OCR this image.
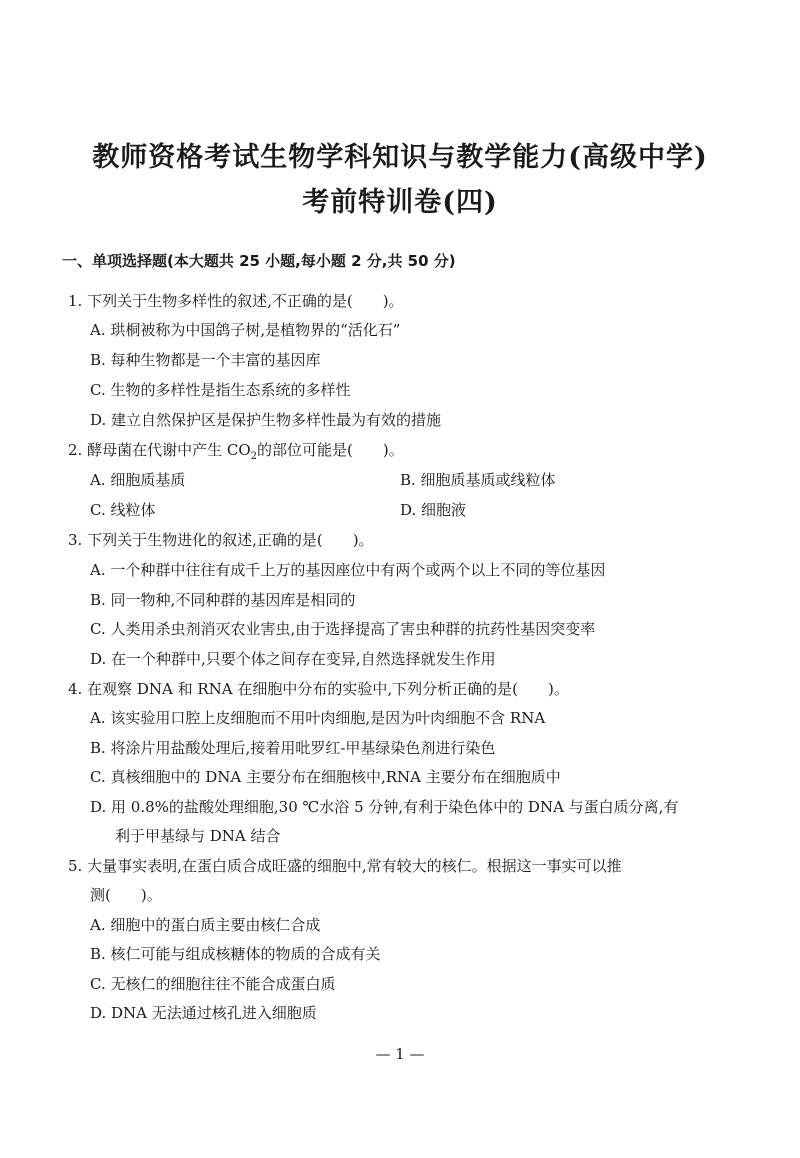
教师资格考试生物学科知识与教学能力(高级中学)
考前特训卷(四)
一、单项选择题(本大题共 25 小题,每小题 2 分,共 50 分)
1. 下列关于生物多样性的叙述,不正确的是(　　)。
A. 珙桐被称为中国鸽子树,是植物界的“活化石”
B. 每种生物都是一个丰富的基因库
C. 生物的多样性是指生态系统的多样性
D. 建立自然保护区是保护生物多样性最为有效的措施
2. 酵母菌在代谢中产生 $CO_2$的部位可能是(　　)。
A. 细胞质基质	B. 细胞质基质或线粒体
C. 线粒体	D. 细胞液
3. 下列关于生物进化的叙述,正确的是(　　)。
A. 一个种群中往往有成千上万的基因座位中有两个或两个以上不同的等位基因
B. 同一物种,不同种群的基因库是相同的
C. 人类用杀虫剂消灭农业害虫,由于选择提高了害虫种群的抗药性基因突变率
D. 在一个种群中,只要个体之间存在变异,自然选择就发生作用
4. 在观察 DNA 和 RNA 在细胞中分布的实验中,下列分析正确的是(　　)。
A. 该实验用口腔上皮细胞而不用叶肉细胞,是因为叶肉细胞不含 RNA
B. 将涂片用盐酸处理后,接着用吡罗红-甲基绿染色剂进行染色
C. 真核细胞中的 DNA 主要分布在细胞核中,RNA 主要分布在细胞质中
D. 用 0.8%的盐酸处理细胞,30 ℃水浴 5 分钟,有利于染色体中的 DNA 与蛋白质分离,有
利于甲基绿与 DNA 结合
5. 大量事实表明,在蛋白质合成旺盛的细胞中,常有较大的核仁。根据这一事实可以推
测(　　)。
A. 细胞中的蛋白质主要由核仁合成
B. 核仁可能与组成核糖体的物质的合成有关
C. 无核仁的细胞往往不能合成蛋白质
D. DNA 无法通过核孔进入细胞质
— 1 —
